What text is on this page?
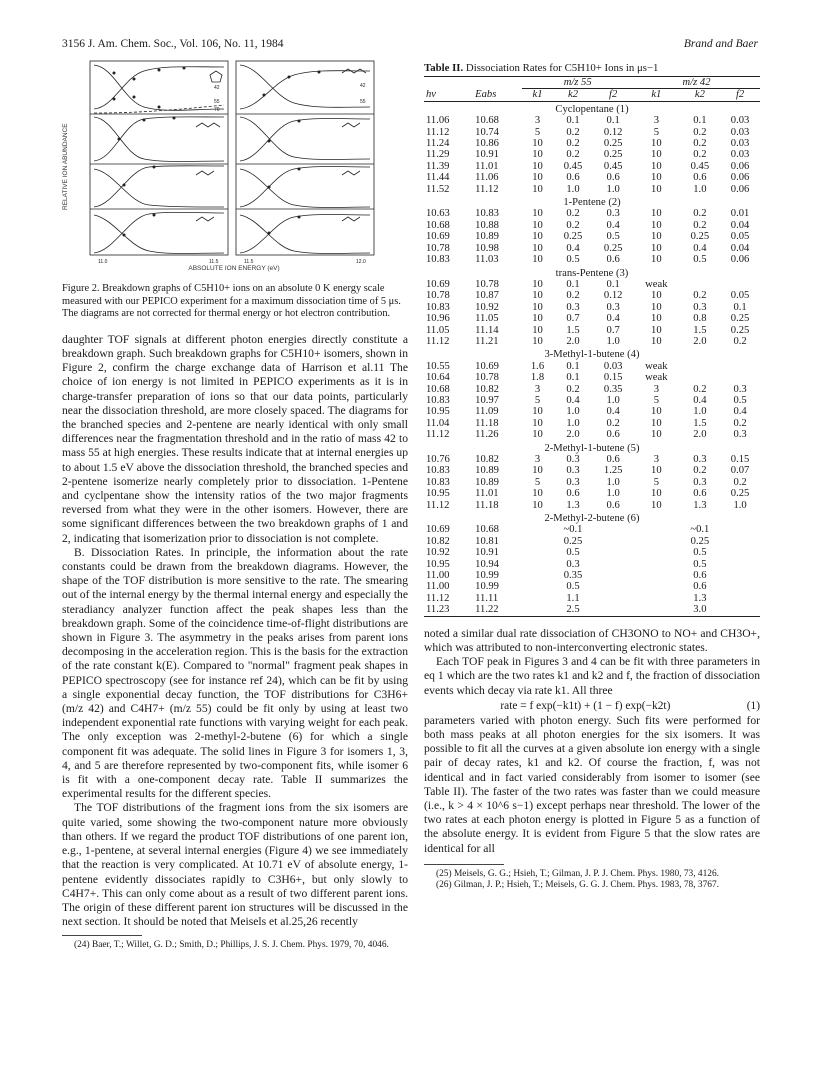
3156 J. Am. Chem. Soc., Vol. 106, No. 11, 1984	Brand and Baer
RELATIVE ION ABUNDANCE
42
55
70
42
55
11.0	11.5	11.5	12.0
ABSOLUTE ION ENERGY (eV)
Figure 2. Breakdown graphs of C5H10+ ions on an absolute 0 K energy scale measured with our PEPICO experiment for a maximum dissociation time of 5 μs. The diagrams are not corrected for thermal energy or hot electron contribution.

daughter TOF signals at different photon energies directly constitute a breakdown graph. Such breakdown graphs for C5H10+ isomers, shown in Figure 2, confirm the charge exchange data of Harrison et al.11 The choice of ion energy is not limited in PEPICO experiments as it is in charge-transfer preparation of ions so that our data points, particularly near the dissociation threshold, are more closely spaced. The diagrams for the branched species and 2-pentene are nearly identical with only small differences near the fragmentation threshold and in the ratio of mass 42 to mass 55 at high energies. These results indicate that at internal energies up to about 1.5 eV above the dissociation threshold, the branched species and 2-pentene isomerize nearly completely prior to dissociation. 1-Pentene and cyclpentane show the intensity ratios of the two major fragments reversed from what they were in the other isomers. However, there are some significant differences between the two breakdown graphs of 1 and 2, indicating that isomerization prior to dissociation is not complete.

B. Dissociation Rates. In principle, the information about the rate constants could be drawn from the breakdown diagrams. However, the shape of the TOF distribution is more sensitive to the rate. The smearing out of the internal energy by the thermal internal energy and especially the steradiancy analyzer function affect the peak shapes less than the breakdown graph. Some of the coincidence time-of-flight distributions are shown in Figure 3. The asymmetry in the peaks arises from parent ions decomposing in the acceleration region. This is the basis for the extraction of the rate constant k(E). Compared to "normal" fragment peak shapes in PEPICO spectroscopy (see for instance ref 24), which can be fit by using a single exponential decay function, the TOF distributions for C3H6+ (m/z 42) and C4H7+ (m/z 55) could be fit only by using at least two independent exponential rate functions with varying weight for each peak. The only exception was 2-methyl-2-butene (6) for which a single component fit was adequate. The solid lines in Figure 3 for isomers 1, 3, 4, and 5 are therefore represented by two-component fits, while isomer 6 is fit with a one-component decay rate. Table II summarizes the experimental results for the different species.

The TOF distributions of the fragment ions from the six isomers are quite varied, some showing the two-component nature more obviously than others. If we regard the product TOF distributions of one parent ion, e.g., 1-pentene, at several internal energies (Figure 4) we see immediately that the reaction is very complicated. At 10.71 eV of absolute energy, 1-pentene evidently dissociates rapidly to C3H6+, but only slowly to C4H7+. This can only come about as a result of two different parent ions. The origin of these different parent ion structures will be discussed in the next section. It should be noted that Meisels et al.25,26 recently

(24) Baer, T.; Willet, G. D.; Smith, D.; Phillips, J. S. J. Chem. Phys. 1979, 70, 4046.
Table II. Dissociation Rates for C5H10+ Ions in μs−1
		m/z 55			m/z 42		
hν	Eabs	k1	k2	f2	k1	k2	f2
Cyclopentane (1)							
11.06	10.68	3	0.1	0.1	3	0.1	0.03
11.12	10.74	5	0.2	0.12	5	0.2	0.03
11.24	10.86	10	0.2	0.25	10	0.2	0.03
11.29	10.91	10	0.2	0.25	10	0.2	0.03
11.39	11.01	10	0.45	0.45	10	0.45	0.06
11.44	11.06	10	0.6	0.6	10	0.6	0.06
11.52	11.12	10	1.0	1.0	10	1.0	0.06
1-Pentene (2)							
10.63	10.83	10	0.2	0.3	10	0.2	0.01
10.68	10.88	10	0.2	0.4	10	0.2	0.04
10.69	10.89	10	0.25	0.5	10	0.25	0.05
10.78	10.98	10	0.4	0.25	10	0.4	0.04
10.83	11.03	10	0.5	0.6	10	0.5	0.06
trans-Pentene (3)							
10.69	10.78	10	0.1	0.1	weak		
10.78	10.87	10	0.2	0.12	10	0.2	0.05
10.83	10.92	10	0.3	0.3	10	0.3	0.1
10.96	11.05	10	0.7	0.4	10	0.8	0.25
11.05	11.14	10	1.5	0.7	10	1.5	0.25
11.12	11.21	10	2.0	1.0	10	2.0	0.2
3-Methyl-1-butene (4)							
10.55	10.69	1.6	0.1	0.03	weak		
10.64	10.78	1.8	0.1	0.15	weak		
10.68	10.82	3	0.2	0.35	3	0.2	0.3
10.83	10.97	5	0.4	1.0	5	0.4	0.5
10.95	11.09	10	1.0	0.4	10	1.0	0.4
11.04	11.18	10	1.0	0.2	10	1.5	0.2
11.12	11.26	10	2.0	0.6	10	2.0	0.3
2-Methyl-1-butene (5)							
10.76	10.82	3	0.3	0.6	3	0.3	0.15
10.83	10.89	10	0.3	1.25	10	0.2	0.07
10.83	10.89	5	0.3	1.0	5	0.3	0.2
10.95	11.01	10	0.6	1.0	10	0.6	0.25
11.12	11.18	10	1.3	0.6	10	1.3	1.0
2-Methyl-2-butene (6)							
10.69	10.68		~0.1			~0.1	
10.82	10.81		0.25			0.25	
10.92	10.91		0.5			0.5	
10.95	10.94		0.3			0.5	
11.00	10.99		0.35			0.6	
11.00	10.99		0.5			0.6	
11.12	11.11		1.1			1.3	
11.23	11.22		2.5			3.0	

noted a similar dual rate dissociation of CH3ONO to NO+ and CH3O+, which was attributed to non-interconverting electronic states.

Each TOF peak in Figures 3 and 4 can be fit with three parameters in eq 1 which are the two rates k1 and k2 and f, the fraction of dissociation events which decay via rate k1. All three

rate = f exp(−k1t) + (1 − f) exp(−k2t)	(1)

parameters varied with photon energy. Such fits were performed for both mass peaks at all photon energies for the six isomers. It was possible to fit all the curves at a given absolute ion energy with a single pair of decay rates, k1 and k2. Of course the fraction, f, was not identical and in fact varied considerably from isomer to isomer (see Table II). The faster of the two rates was faster than we could measure (i.e., k > 4 × 10^6 s−1) except perhaps near threshold. The lower of the two rates at each photon energy is plotted in Figure 5 as a function of the absolute energy. It is evident from Figure 5 that the slow rates are identical for all

(25) Meisels, G. G.; Hsieh, T.; Gilman, J. P. J. Chem. Phys. 1980, 73, 4126.
(26) Gilman, J. P.; Hsieh, T.; Meisels, G. G. J. Chem. Phys. 1983, 78, 3767.
